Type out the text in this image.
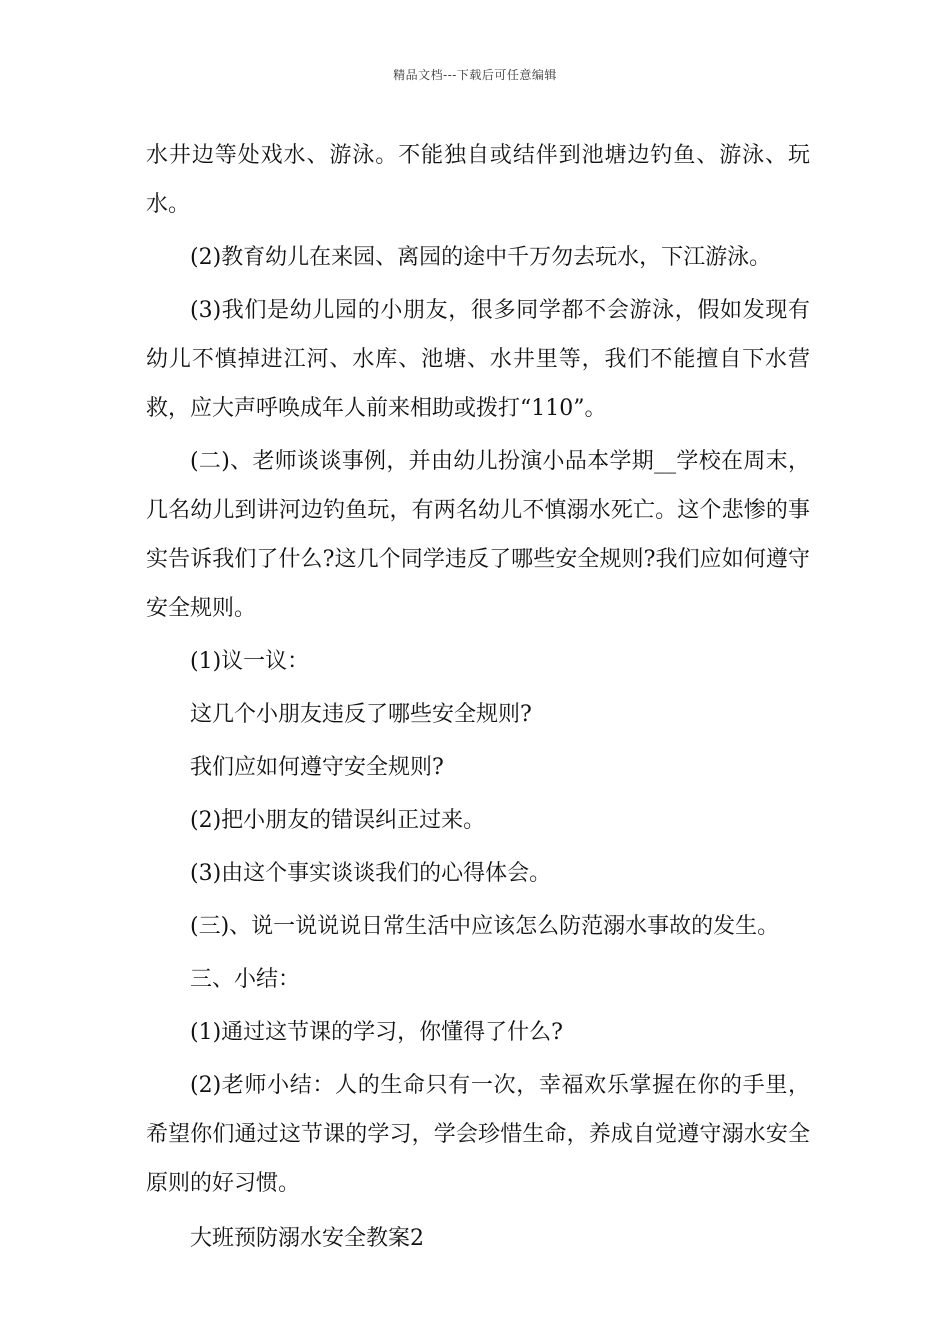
精品文档---下载后可任意编辑

水井边等处戏水、游泳。不能独自或结伴到池塘边钓鱼、游泳、玩水。

(2)教育幼儿在来园、离园的途中千万勿去玩水，下江游泳。

(3)我们是幼儿园的小朋友，很多同学都不会游泳，假如发现有幼儿不慎掉进江河、水库、池塘、水井里等，我们不能擅自下水营救，应大声呼唤成年人前来相助或拨打“110”。

(二)、老师谈谈事例，并由幼儿扮演小品本学期__学校在周末，几名幼儿到讲河边钓鱼玩，有两名幼儿不慎溺水死亡。这个悲惨的事实告诉我们了什么?这几个同学违反了哪些安全规则?我们应如何遵守安全规则。

(1)议一议：

这几个小朋友违反了哪些安全规则?

我们应如何遵守安全规则?

(2)把小朋友的错误纠正过来。

(3)由这个事实谈谈我们的心得体会。

(三)、说一说说说日常生活中应该怎么防范溺水事故的发生。

三、小结：

(1)通过这节课的学习，你懂得了什么?

(2)老师小结：人的生命只有一次，幸福欢乐掌握在你的手里，希望你们通过这节课的学习，学会珍惜生命，养成自觉遵守溺水安全原则的好习惯。

大班预防溺水安全教案2
